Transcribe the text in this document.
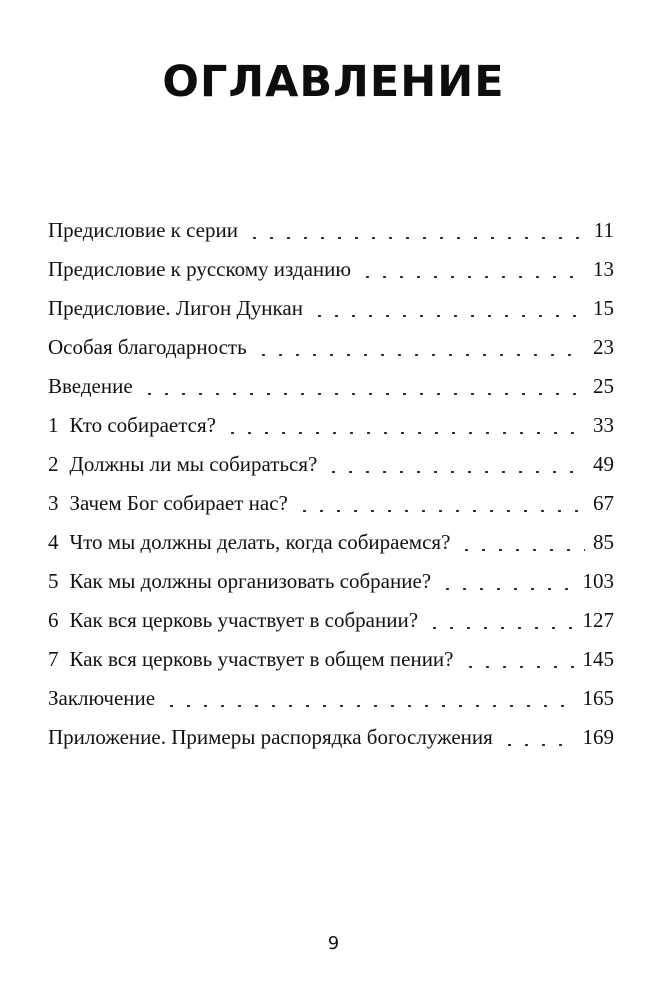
ОГЛАВЛЕНИЕ
Предисловие к серии	11
Предисловие к русскому изданию	13
Предисловие. Лигон Дункан	15
Особая благодарность	23
Введение	25
1 Кто собирается?	33
2 Должны ли мы собираться?	49
3 Зачем Бог собирает нас?	67
4 Что мы должны делать, когда собираемся?	85
5 Как мы должны организовать собрание?	103
6 Как вся церковь участвует в собрании?	127
7 Как вся церковь участвует в общем пении?	145
Заключение	165
Приложение. Примеры распорядка богослужения	169
9
